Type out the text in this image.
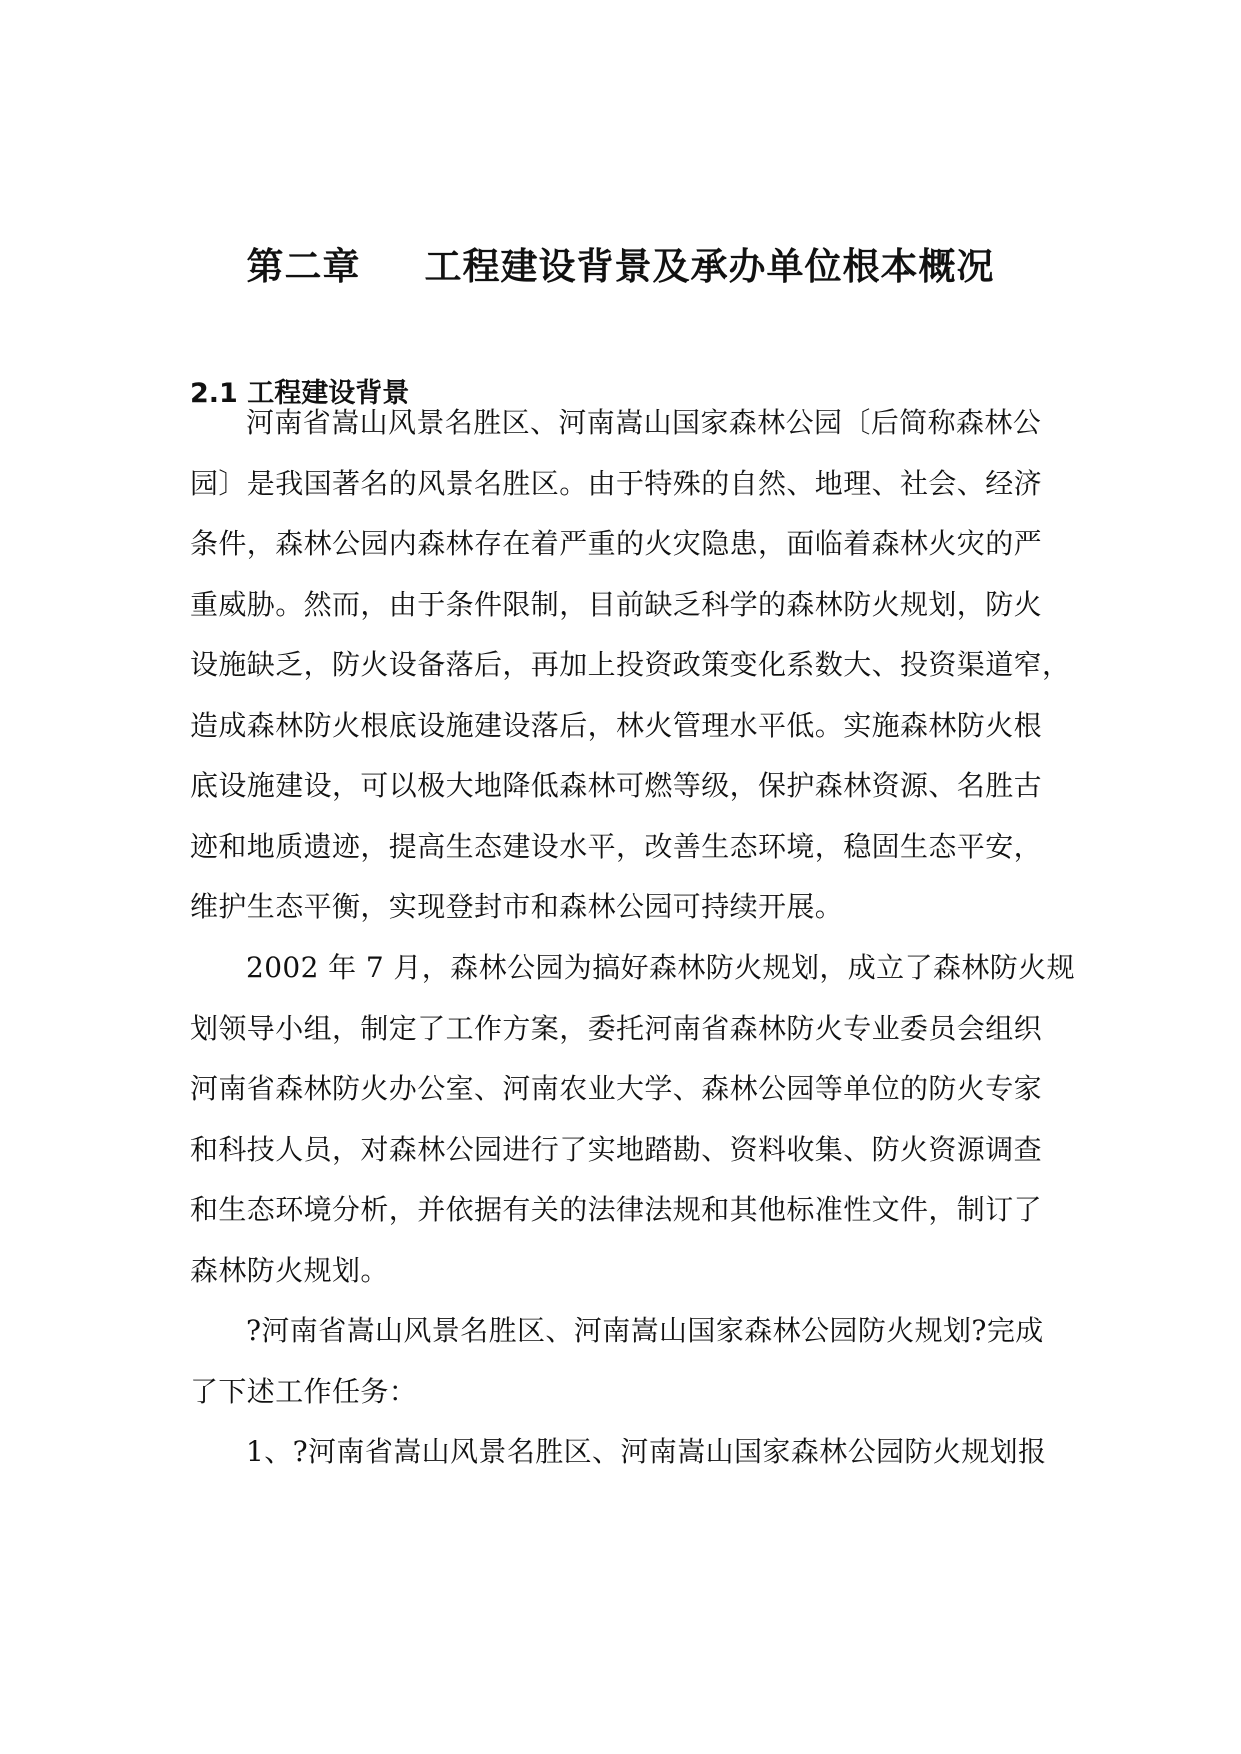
第二章 工程建设背景及承办单位根本概况
2.1 工程建设背景
河南省嵩山风景名胜区、河南嵩山国家森林公园〔后简称森林公
园〕是我国著名的风景名胜区。由于特殊的自然、地理、社会、经济
条件，森林公园内森林存在着严重的火灾隐患，面临着森林火灾的严
重威胁。然而，由于条件限制，目前缺乏科学的森林防火规划，防火
设施缺乏，防火设备落后，再加上投资政策变化系数大、投资渠道窄，
造成森林防火根底设施建设落后，林火管理水平低。实施森林防火根
底设施建设，可以极大地降低森林可燃等级，保护森林资源、名胜古
迹和地质遗迹，提高生态建设水平，改善生态环境，稳固生态平安，
维护生态平衡，实现登封市和森林公园可持续开展。
2002 年 7 月，森林公园为搞好森林防火规划，成立了森林防火规
划领导小组，制定了工作方案，委托河南省森林防火专业委员会组织
河南省森林防火办公室、河南农业大学、森林公园等单位的防火专家
和科技人员，对森林公园进行了实地踏勘、资料收集、防火资源调查
和生态环境分析，并依据有关的法律法规和其他标准性文件，制订了
森林防火规划。
?河南省嵩山风景名胜区、河南嵩山国家森林公园防火规划?完成
了下述工作任务：
1、?河南省嵩山风景名胜区、河南嵩山国家森林公园防火规划报
